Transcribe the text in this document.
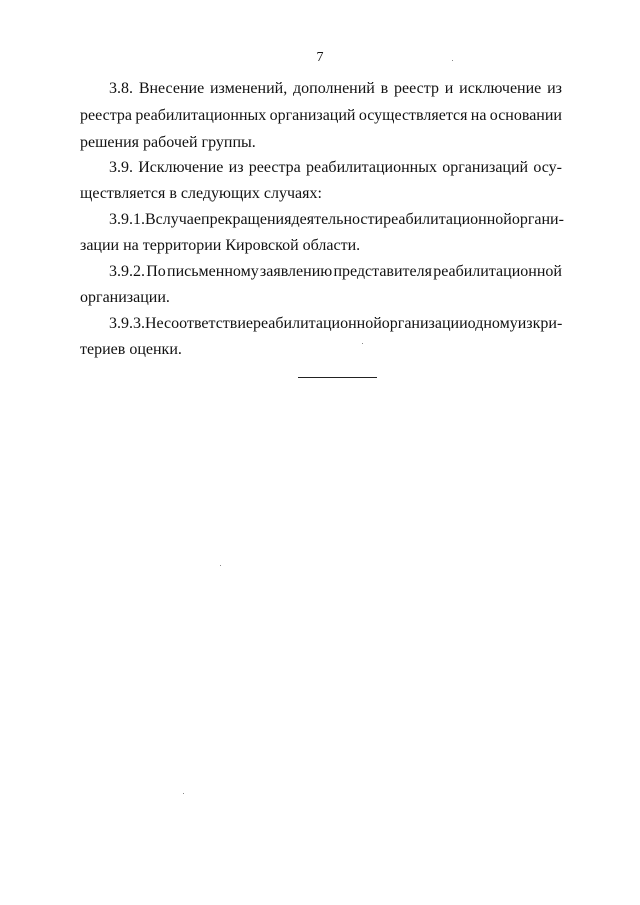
7
3.8. Внесение изменений, дополнений в реестр и исключение из
реестра реабилитационных организаций осуществляется на основании
решения рабочей группы.
3.9. Исключение из реестра реабилитационных организаций осу-
ществляется в следующих случаях:
3.9.1. В случае прекращения деятельности реабилитационной органи-
зации на территории Кировской области.
3.9.2. По письменному заявлению представителя реабилитационной
организации.
3.9.3. Несоответствие реабилитационной организации одному из кри-
териев оценки.
